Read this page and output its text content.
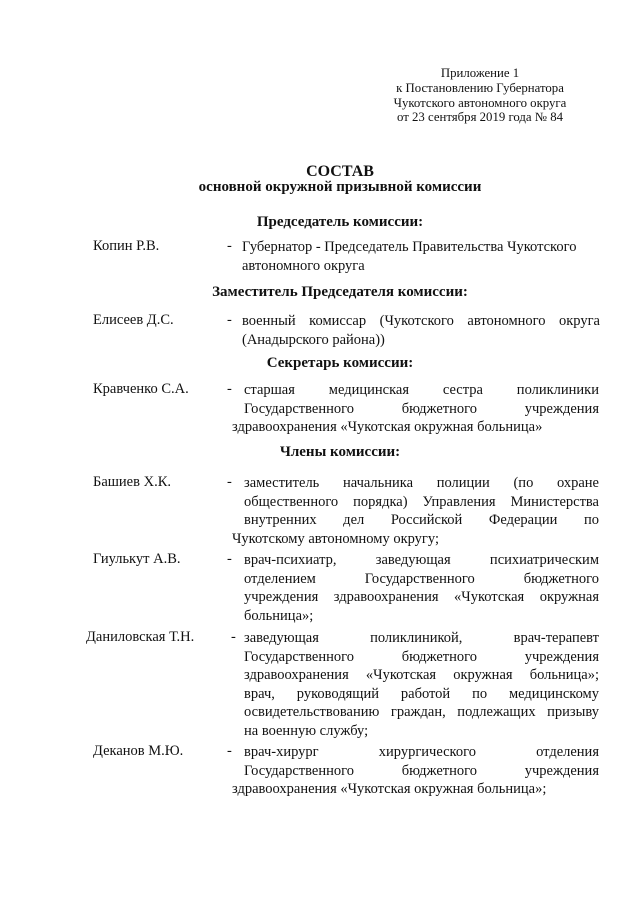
Приложение 1
к Постановлению Губернатора
Чукотского автономного округа
от 23 сентября 2019 года № 84
СОСТАВ
основной окружной призывной комиссии
Председатель комиссии:
Копин Р.В.	- Губернатор - Председатель Правительства Чукотского

автономного округа

Заместитель Председателя комиссии:
Елисеев Д.С.	- военный комиссар (Чукотского автономного округа

(Анадырского района))

Секретарь комиссии:
Кравченко С.А.	- старшая медицинская сестра поликлиники

Государственного бюджетного учреждения

здравоохранения «Чукотская окружная больница»

Члены комиссии:
Башиев Х.К.	- заместитель начальника полиции (по охране

общественного порядка) Управления Министерства

внутренних дел Российской Федерации по

Чукотскому автономному округу;

Гиулькут А.В.	- врач-психиатр, заведующая психиатрическим

отделением Государственного бюджетного

учреждения здравоохранения «Чукотская окружная

больница»;

Даниловская Т.Н.	- заведующая поликлиникой, врач-терапевт

Государственного бюджетного учреждения

здравоохранения «Чукотская окружная больница»;

врач, руководящий работой по медицинскому

освидетельствованию граждан, подлежащих призыву

на военную службу;

Деканов М.Ю.	- врач-хирург хирургического отделения

Государственного бюджетного учреждения

здравоохранения «Чукотская окружная больница»;
